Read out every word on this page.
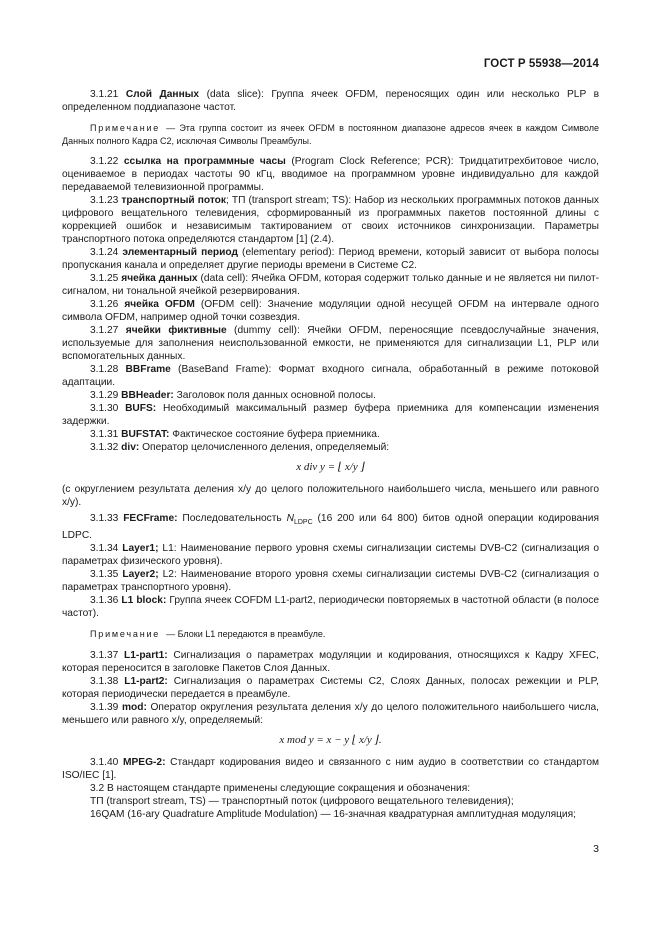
ГОСТ Р 55938—2014

3.1.21 Слой Данных (data slice): Группа ячеек OFDM, переносящих один или несколько PLP в определенном поддиапазоне частот.

Примечание — Эта группа состоит из ячеек OFDM в постоянном диапазоне адресов ячеек в каждом Символе Данных полного Кадра С2, исключая Символы Преамбулы.

3.1.22 ссылка на программные часы (Program Clock Reference; PCR): Тридцатитрехбитовое число, оцениваемое в периодах частоты 90 кГц, вводимое на программном уровне индивидуально для каждой передаваемой телевизионной программы.

3.1.23 транспортный поток; ТП (transport stream; TS): Набор из нескольких программных потоков данных цифрового вещательного телевидения, сформированный из программных пакетов постоянной длины с коррекцией ошибок и независимым тактированием от своих источников синхронизации. Параметры транспортного потока определяются стандартом [1] (2.4).

3.1.24 элементарный период (elementary period): Период времени, который зависит от выбора полосы пропускания канала и определяет другие периоды времени в Системе С2.

3.1.25 ячейка данных (data cell): Ячейка OFDM, которая содержит только данные и не является ни пилот-сигналом, ни тональной ячейкой резервирования.

3.1.26 ячейка OFDM (OFDM cell): Значение модуляции одной несущей OFDM на интервале одного символа OFDM, например одной точки созвездия.

3.1.27 ячейки фиктивные (dummy cell): Ячейки OFDM, переносящие псевдослучайные значения, используемые для заполнения неиспользованной емкости, не применяются для сигнализации L1, PLP или вспомогательных данных.

3.1.28 BBFrame (BaseBand Frame): Формат входного сигнала, обработанный в режиме потоковой адаптации.

3.1.29 BBHeader: Заголовок поля данных основной полосы.

3.1.30 BUFS: Необходимый максимальный размер буфера приемника для компенсации изменения задержки.

3.1.31 BUFSTAT: Фактическое состояние буфера приемника.

3.1.32 div: Оператор целочисленного деления, определяемый:

x div y = ⌊ x/y ⌋

(с округлением результата деления x/y до целого положительного наибольшего числа, меньшего или равного x/y).

3.1.33 FECFrame: Последовательность $N_{LDPC}$ (16 200 или 64 800) битов одной операции кодирования LDPC.

3.1.34 Layer1; L1: Наименование первого уровня схемы сигнализации системы DVB-C2 (сигнализация о параметрах физического уровня).

3.1.35 Layer2; L2: Наименование второго уровня схемы сигнализации системы DVB-C2 (сигнализация о параметрах транспортного уровня).

3.1.36 L1 block: Группа ячеек COFDM L1-part2, периодически повторяемых в частотной области (в полосе частот).

Примечание — Блоки L1 передаются в преамбуле.

3.1.37 L1-part1: Сигнализация о параметрах модуляции и кодирования, относящихся к Кадру XFEC, которая переносится в заголовке Пакетов Слоя Данных.

3.1.38 L1-part2: Сигнализация о параметрах Системы С2, Слоях Данных, полосах режекции и PLP, которая периодически передается в преамбуле.

3.1.39 mod: Оператор округления результата деления x/y до целого положительного наибольшего числа, меньшего или равного x/y, определяемый:

x mod y = x − y ⌊ x/y ⌋.

3.1.40 MPEG-2: Стандарт кодирования видео и связанного с ним аудио в соответствии со стандартом ISO/IEC [1].

3.2 В настоящем стандарте применены следующие сокращения и обозначения:

ТП (transport stream, TS) — транспортный поток (цифрового вещательного телевидения);

16QAM (16-ary Quadrature Amplitude Modulation) — 16-значная квадратурная амплитудная модуляция;

3
